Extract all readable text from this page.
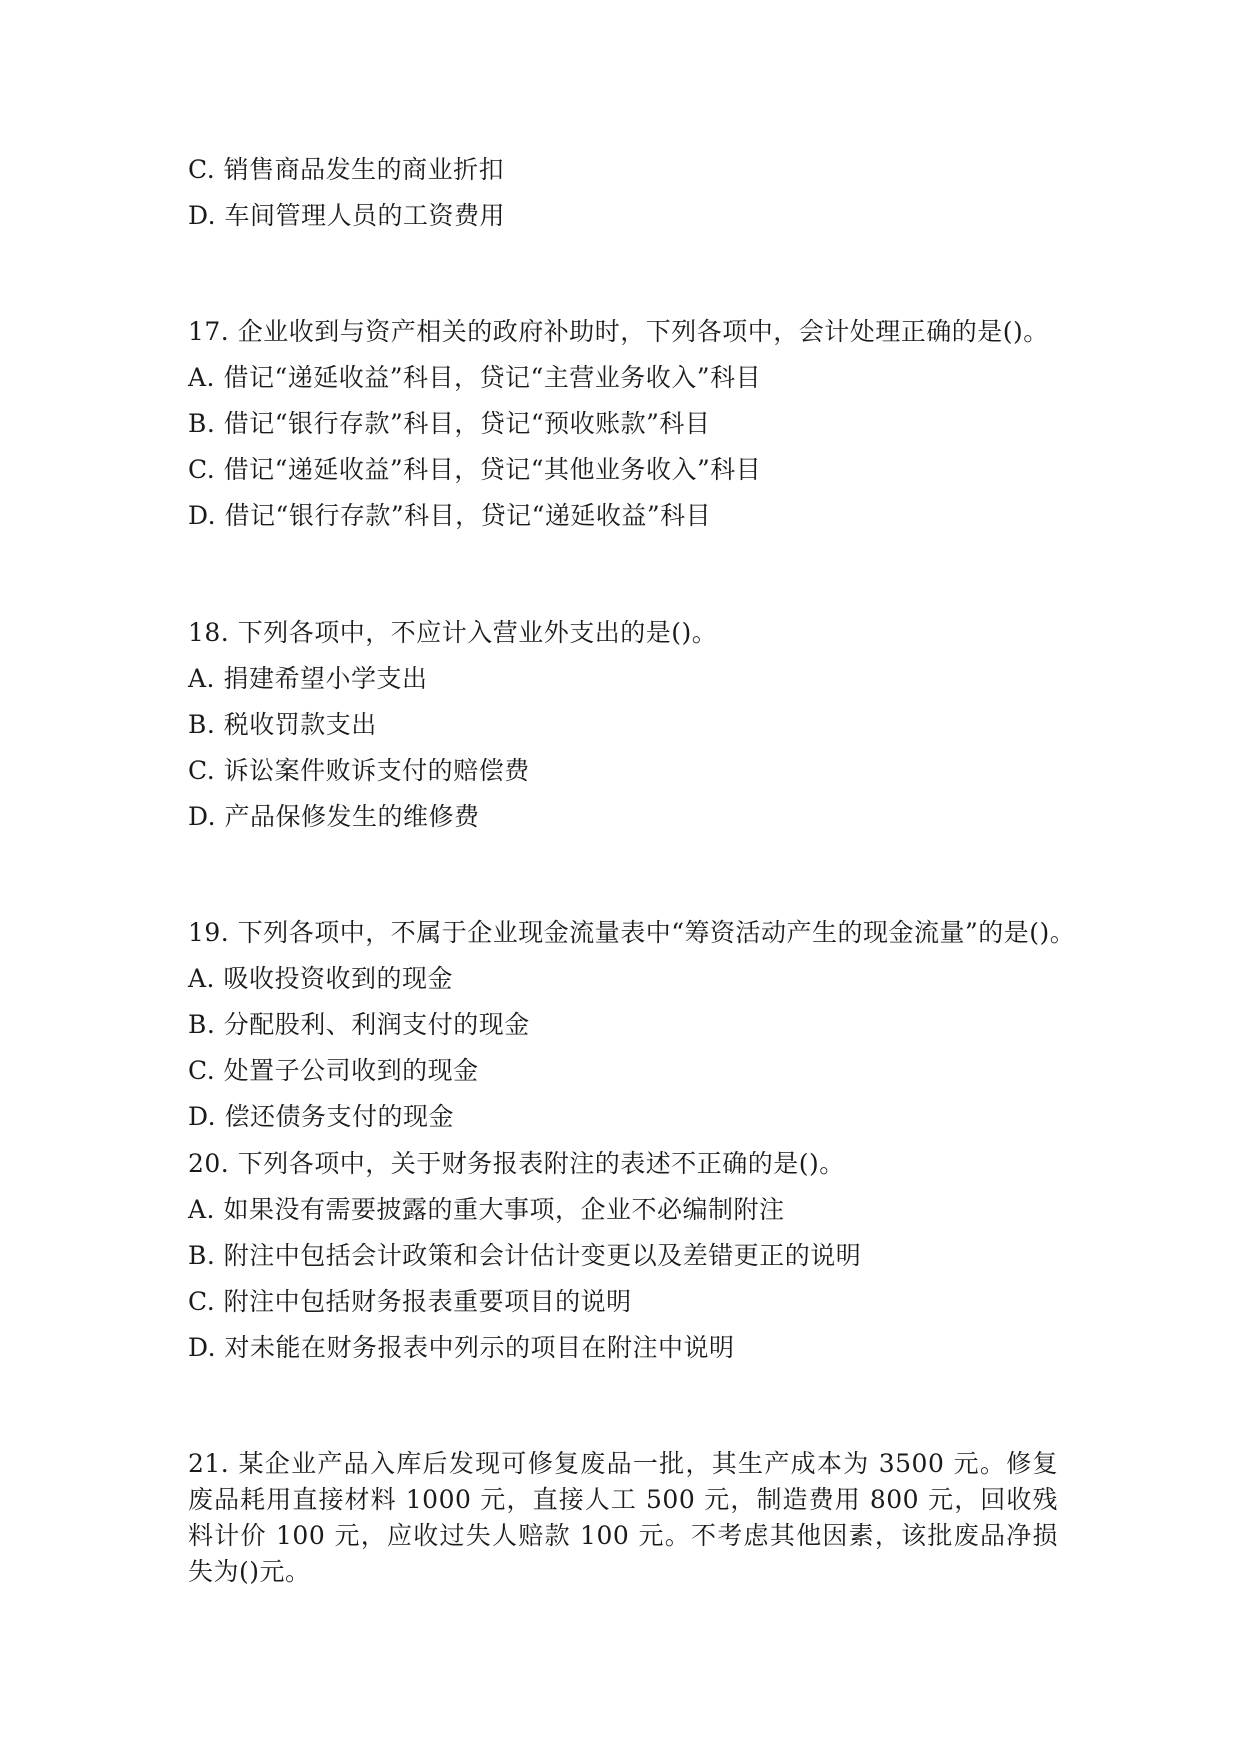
C. 销售商品发生的商业折扣
D. 车间管理人员的工资费用
17. 企业收到与资产相关的政府补助时，下列各项中，会计处理正确的是()。
A. 借记“递延收益”科目，贷记“主营业务收入”科目
B. 借记“银行存款”科目，贷记“预收账款”科目
C. 借记“递延收益”科目，贷记“其他业务收入”科目
D. 借记“银行存款”科目，贷记“递延收益”科目
18. 下列各项中，不应计入营业外支出的是()。
A. 捐建希望小学支出
B. 税收罚款支出
C. 诉讼案件败诉支付的赔偿费
D. 产品保修发生的维修费
19. 下列各项中，不属于企业现金流量表中“筹资活动产生的现金流量”的是()。
A. 吸收投资收到的现金
B. 分配股利、利润支付的现金
C. 处置子公司收到的现金
D. 偿还债务支付的现金
20. 下列各项中，关于财务报表附注的表述不正确的是()。
A. 如果没有需要披露的重大事项，企业不必编制附注
B. 附注中包括会计政策和会计估计变更以及差错更正的说明
C. 附注中包括财务报表重要项目的说明
D. 对未能在财务报表中列示的项目在附注中说明
21. 某企业产品入库后发现可修复废品一批，其生产成本为 3500 元。修复废品耗用直接材料 1000 元，直接人工 500 元，制造费用 800 元，回收残料计价 100 元，应收过失人赔款 100 元。不考虑其他因素，该批废品净损失为()元。
